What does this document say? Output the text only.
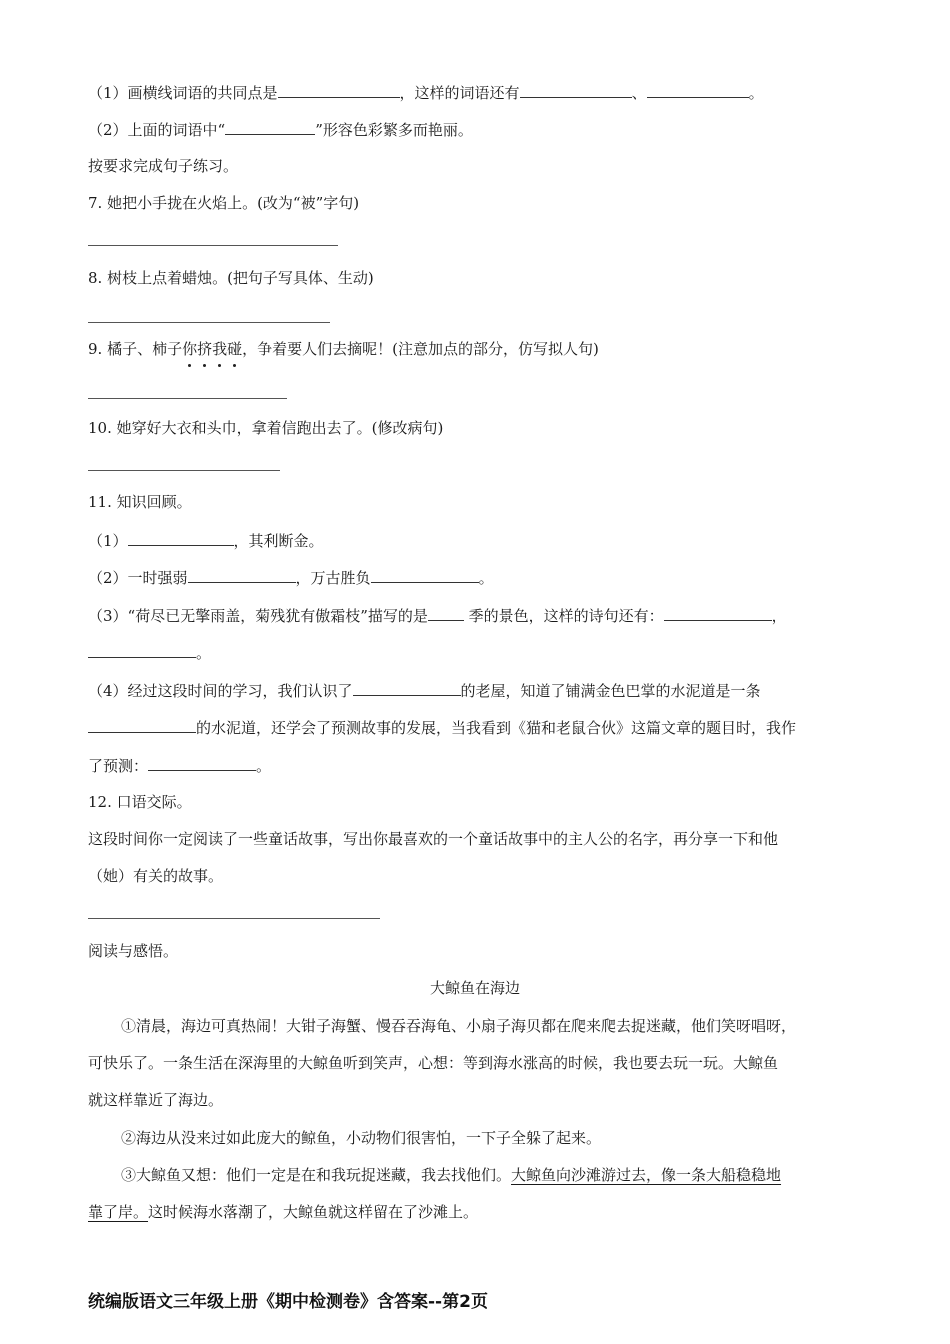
（1）画横线词语的共同点是	，这样的词语还有	、	。
（2）上面的词语中“	”形容色彩繁多而艳丽。
按要求完成句子练习。
7. 她把小手拢在火焰上。(改为“被”字句)
8. 树枝上点着蜡烛。(把句子写具体、生动)
9. 橘子、柿子你挤我碰，争着要人们去摘呢！(注意加点的部分，仿写拟人句)
10. 她穿好大衣和头巾，拿着信跑出去了。(修改病句)
11. 知识回顾。
（1）	，其利断金。
（2）一时强弱	，万古胜负	。
（3）“荷尽已无擎雨盖，菊残犹有傲霜枝”描写的是 季的景色，这样的诗句还有：	，
。
（4）经过这段时间的学习，我们认识了	的老屋，知道了铺满金色巴掌的水泥道是一条
的水泥道，还学会了预测故事的发展，当我看到《猫和老鼠合伙》这篇文章的题目时，我作
了预测：	。
12. 口语交际。
这段时间你一定阅读了一些童话故事，写出你最喜欢的一个童话故事中的主人公的名字，再分享一下和他
（她）有关的故事。
阅读与感悟。
大鲸鱼在海边
①清晨，海边可真热闹！大钳子海蟹、慢吞吞海龟、小扇子海贝都在爬来爬去捉迷藏，他们笑呀唱呀，
可快乐了。一条生活在深海里的大鲸鱼听到笑声，心想：等到海水涨高的时候，我也要去玩一玩。大鲸鱼
就这样靠近了海边。
②海边从没来过如此庞大的鲸鱼，小动物们很害怕，一下子全躲了起来。
③大鲸鱼又想：他们一定是在和我玩捉迷藏，我去找他们。大鲸鱼向沙滩游过去，像一条大船稳稳地
靠了岸。这时候海水落潮了，大鲸鱼就这样留在了沙滩上。
统编版语文三年级上册《期中检测卷》含答案--第2页
